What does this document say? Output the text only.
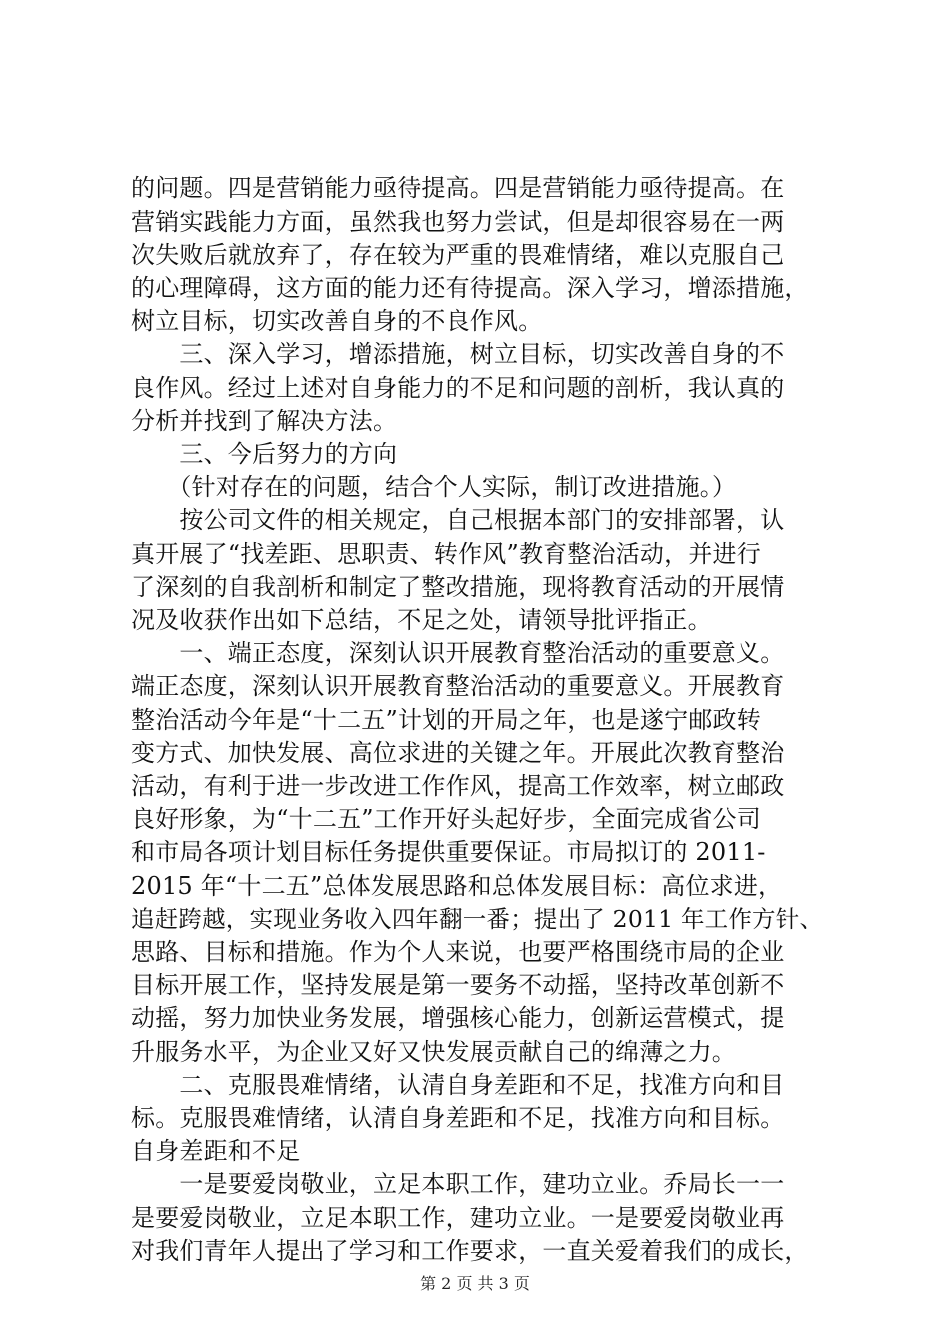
的问题。四是营销能力亟待提高。四是营销能力亟待提高。在
营销实践能力方面，虽然我也努力尝试，但是却很容易在一两
次失败后就放弃了，存在较为严重的畏难情绪，难以克服自己
的心理障碍，这方面的能力还有待提高。深入学习，增添措施，
树立目标，切实改善自身的不良作风。
　　三、深入学习，增添措施，树立目标，切实改善自身的不
良作风。经过上述对自身能力的不足和问题的剖析，我认真的
分析并找到了解决方法。
　　三、今后努力的方向
　　（针对存在的问题，结合个人实际，制订改进措施。）
　　按公司文件的相关规定，自己根据本部门的安排部署，认
真开展了“找差距、思职责、转作风”教育整治活动，并进行
了深刻的自我剖析和制定了整改措施，现将教育活动的开展情
况及收获作出如下总结，不足之处，请领导批评指正。
　　一、端正态度，深刻认识开展教育整治活动的重要意义。
端正态度，深刻认识开展教育整治活动的重要意义。开展教育
整治活动今年是“十二五”计划的开局之年，也是遂宁邮政转
变方式、加快发展、高位求进的关键之年。开展此次教育整治
活动，有利于进一步改进工作作风，提高工作效率，树立邮政
良好形象，为“十二五”工作开好头起好步，全面完成省公司
和市局各项计划目标任务提供重要保证。市局拟订的 2011-
2015 年“十二五”总体发展思路和总体发展目标：高位求进，
追赶跨越，实现业务收入四年翻一番；提出了 2011 年工作方针、
思路、目标和措施。作为个人来说，也要严格围绕市局的企业
目标开展工作，坚持发展是第一要务不动摇，坚持改革创新不
动摇，努力加快业务发展，增强核心能力，创新运营模式，提
升服务水平，为企业又好又快发展贡献自己的绵薄之力。
　　二、克服畏难情绪，认清自身差距和不足，找准方向和目
标。克服畏难情绪，认清自身差距和不足，找准方向和目标。
自身差距和不足
　　一是要爱岗敬业，立足本职工作，建功立业。乔局长一一
是要爱岗敬业，立足本职工作，建功立业。一是要爱岗敬业再
对我们青年人提出了学习和工作要求，一直关爱着我们的成长，
第 2 页 共 3 页
